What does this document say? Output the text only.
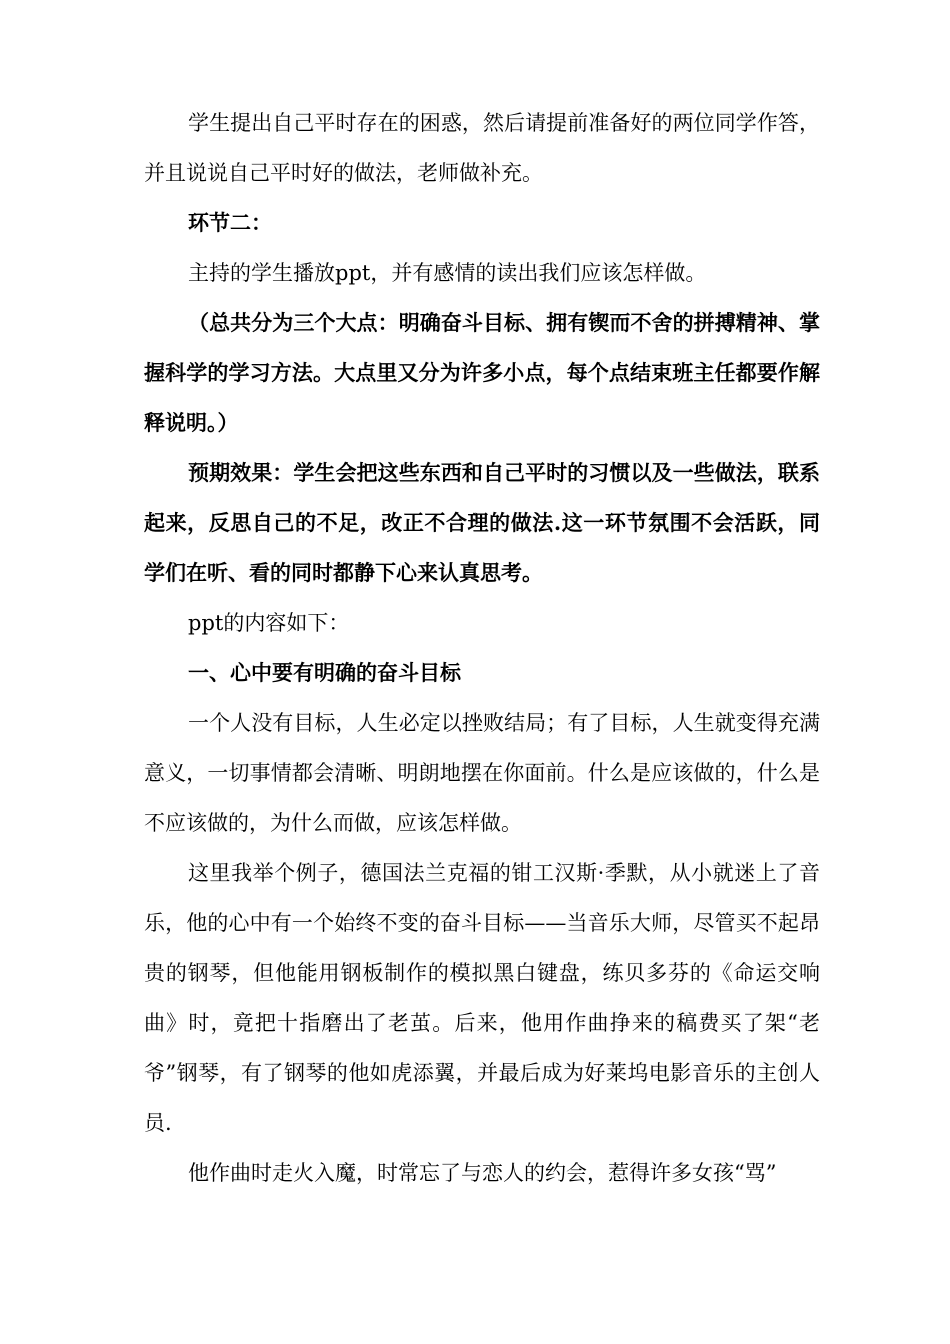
学生提出自己平时存在的困惑，然后请提前准备好的两位同学作答，并且说说自己平时好的做法，老师做补充。

环节二：

主持的学生播放ppt，并有感情的读出我们应该怎样做。

（总共分为三个大点：明确奋斗目标、拥有锲而不舍的拼搏精神、掌握科学的学习方法。大点里又分为许多小点，每个点结束班主任都要作解释说明。）

预期效果：学生会把这些东西和自己平时的习惯以及一些做法，联系起来，反思自己的不足，改正不合理的做法.这一环节氛围不会活跃，同学们在听、看的同时都静下心来认真思考。

ppt的内容如下：

一、心中要有明确的奋斗目标

一个人没有目标，人生必定以挫败结局；有了目标，人生就变得充满意义，一切事情都会清晰、明朗地摆在你面前。什么是应该做的，什么是不应该做的，为什么而做，应该怎样做。

这里我举个例子，德国法兰克福的钳工汉斯·季默，从小就迷上了音乐，他的心中有一个始终不变的奋斗目标——当音乐大师，尽管买不起昂贵的钢琴，但他能用钢板制作的模拟黑白键盘，练贝多芬的《命运交响曲》时，竟把十指磨出了老茧。后来，他用作曲挣来的稿费买了架“老爷”钢琴，有了钢琴的他如虎添翼，并最后成为好莱坞电影音乐的主创人员.

他作曲时走火入魔，时常忘了与恋人的约会，惹得许多女孩“骂”
